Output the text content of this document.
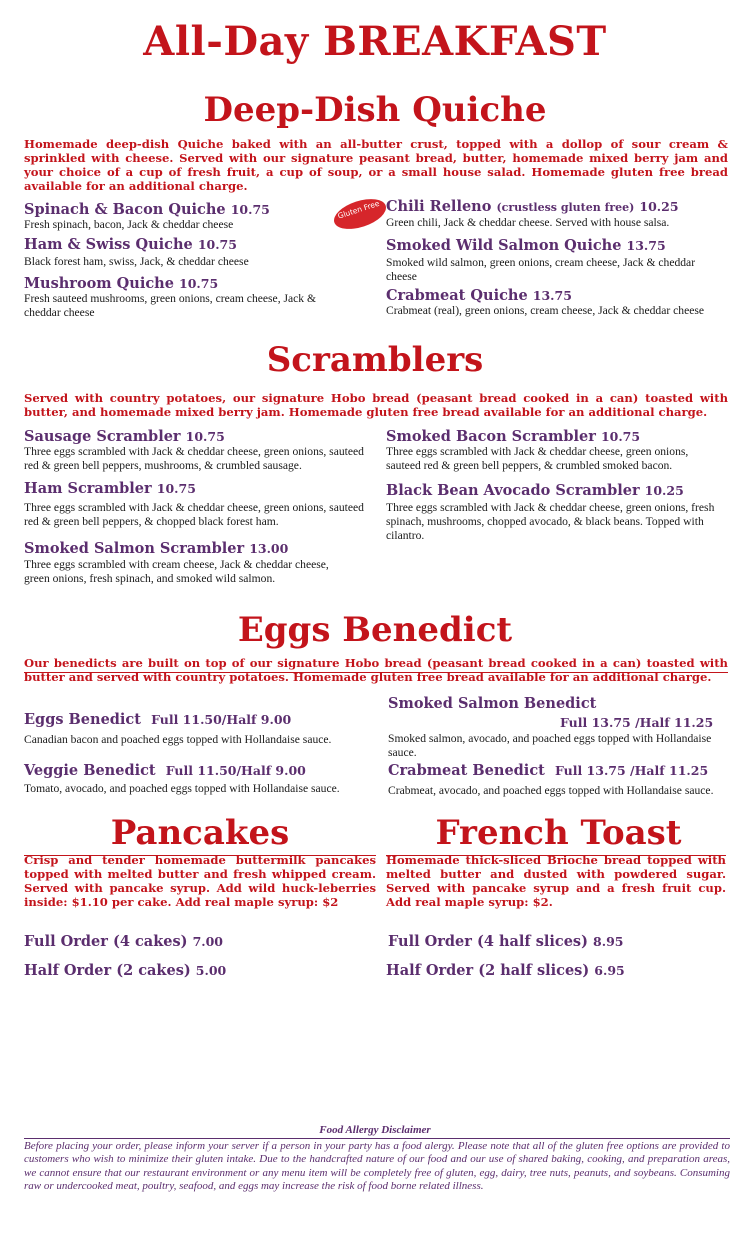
All-Day BREAKFAST
Deep-Dish Quiche
Homemade deep-dish Quiche baked with an all-butter crust, topped with a dollop of sour cream & sprinkled with cheese. Served with our signature peasant bread, butter, homemade mixed berry jam and your choice of a cup of fresh fruit, a cup of soup, or a small house salad. Homemade gluten free bread available for an additional charge.
Spinach & Bacon Quiche 10.75
Fresh spinach, bacon, Jack & cheddar cheese
Ham & Swiss Quiche 10.75
Black forest ham, swiss, Jack, & cheddar cheese
Mushroom Quiche 10.75
Fresh sauteed mushrooms, green onions, cream cheese, Jack & cheddar cheese
Gluten Free Chili Relleno (crustless gluten free) 10.25
Green chili, Jack & cheddar cheese. Served with house salsa.
Smoked Wild Salmon Quiche 13.75
Smoked wild salmon, green onions, cream cheese, Jack & cheddar cheese
Crabmeat Quiche 13.75
Crabmeat (real), green onions, cream cheese, Jack & cheddar cheese
Scramblers
Served with country potatoes, our signature Hobo bread (peasant bread cooked in a can) toasted with butter, and homemade mixed berry jam. Homemade gluten free bread available for an additional charge.
Sausage Scrambler 10.75
Three eggs scrambled with Jack & cheddar cheese, green onions, sauteed red & green bell peppers, mushrooms, & crumbled sausage.
Ham Scrambler 10.75
Three eggs scrambled with Jack & cheddar cheese, green onions, sauteed red & green bell peppers, & chopped black forest ham.
Smoked Salmon Scrambler 13.00
Three eggs scrambled with cream cheese, Jack & cheddar cheese, green onions, fresh spinach, and smoked wild salmon.
Smoked Bacon Scrambler 10.75
Three eggs scrambled with Jack & cheddar cheese, green onions, sauteed red & green bell peppers, & crumbled smoked bacon.
Black Bean Avocado Scrambler 10.25
Three eggs scrambled with Jack & cheddar cheese, green onions, fresh spinach, mushrooms, chopped avocado, & black beans. Topped with cilantro.
Eggs Benedict
Our benedicts are built on top of our signature Hobo bread (peasant bread cooked in a can) toasted with butter and served with country potatoes. Homemade gluten free bread available for an additional charge.
Eggs Benedict Full 11.50/Half 9.00
Canadian bacon and poached eggs topped with Hollandaise sauce.
Veggie Benedict Full 11.50/Half 9.00
Tomato, avocado, and poached eggs topped with Hollandaise sauce.
Smoked Salmon Benedict
Full 13.75 /Half 11.25
Smoked salmon, avocado, and poached eggs topped with Hollandaise sauce.
Crabmeat Benedict Full 13.75 /Half 11.25
Crabmeat, avocado, and poached eggs topped with Hollandaise sauce.
Pancakes
Crisp and tender homemade buttermilk pancakes topped with melted butter and fresh whipped cream. Served with pancake syrup. Add wild huck-leberries inside: $1.10 per cake. Add real maple syrup: $2
Full Order (4 cakes) 7.00
Half Order (2 cakes) 5.00
French Toast
Homemade thick-sliced Brioche bread topped with melted butter and dusted with powdered sugar. Served with pancake syrup and a fresh fruit cup. Add real maple syrup: $2.
Full Order (4 half slices) 8.95
Half Order (2 half slices) 6.95
Food Allergy Disclaimer
Before placing your order, please inform your server if a person in your party has a food alergy. Please note that all of the gluten free options are provided to customers who wish to minimize their gluten intake. Due to the handcrafted nature of our food and our use of shared baking, cooking, and preparation areas, we cannot ensure that our restaurant environment or any menu item will be completely free of gluten, egg, dairy, tree nuts, peanuts, and soybeans. Consuming raw or undercooked meat, poultry, seafood, and eggs may increase the risk of food borne related illness.
